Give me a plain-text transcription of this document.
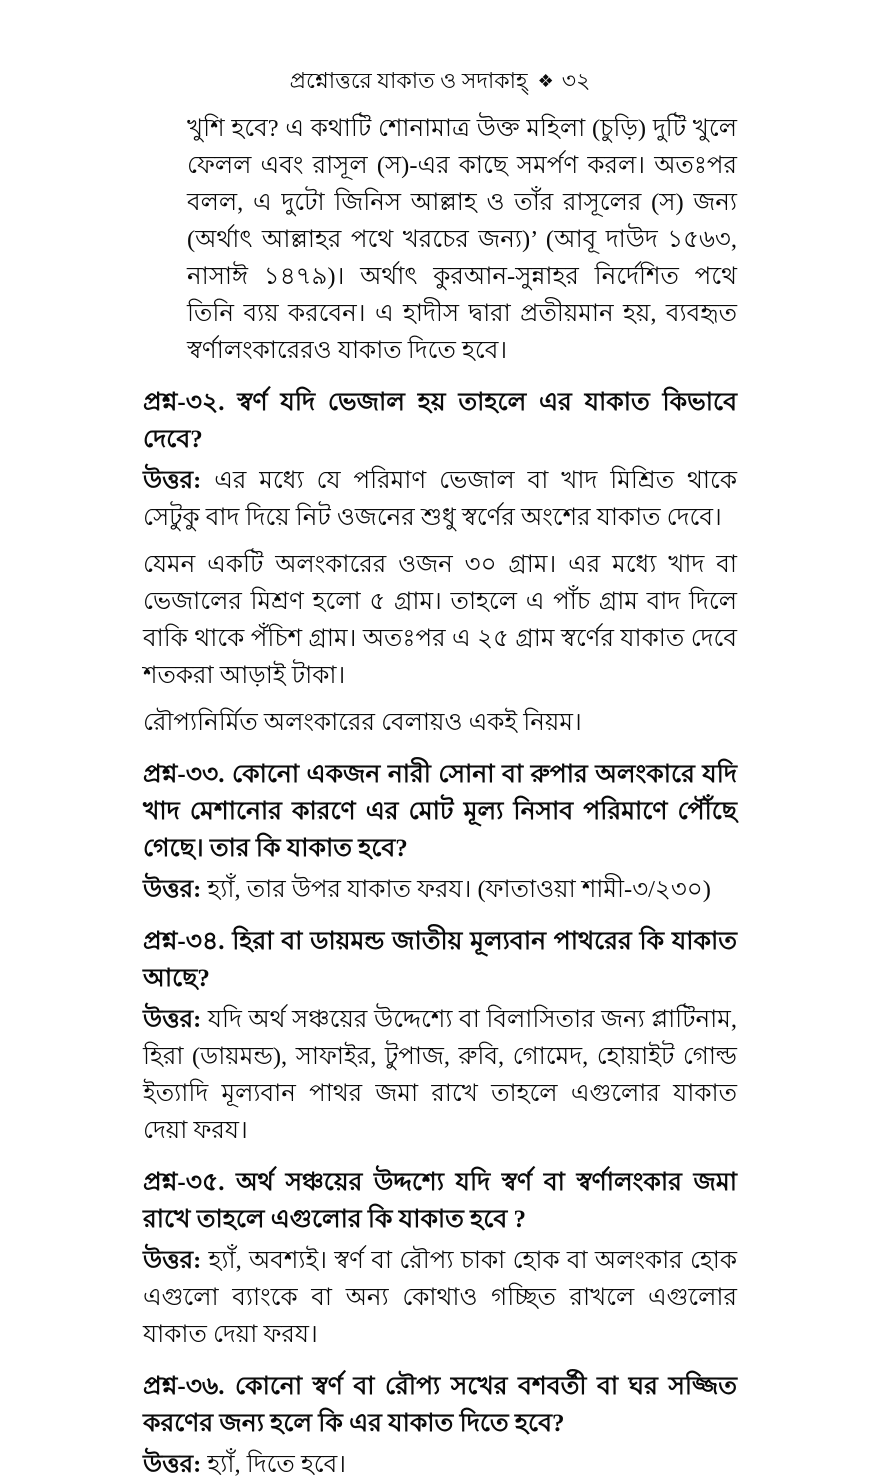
প্রশ্নোত্তরে যাকাত ও সদাকাহ্ ❖ ৩২

খুশি হবে? এ কথাটি শোনামাত্র উক্ত মহিলা (চুড়ি) দুটি খুলে ফেলল এবং রাসূল (স)-এর কাছে সমর্পণ করল। অতঃপর বলল, এ দুটো জিনিস আল্লাহ ও তাঁর রাসূলের (স) জন্য (অর্থাৎ আল্লাহর পথে খরচের জন্য)’ (আবূ দাউদ ১৫৬৩, নাসাঈ ১৪৭৯)। অর্থাৎ কুরআন-সুন্নাহর নির্দেশিত পথে তিনি ব্যয় করবেন। এ হাদীস দ্বারা প্রতীয়মান হয়, ব্যবহৃত স্বর্ণালংকারেরও যাকাত দিতে হবে।

প্রশ্ন-৩২. স্বর্ণ যদি ভেজাল হয় তাহলে এর যাকাত কিভাবে দেবে?

উত্তর: এর মধ্যে যে পরিমাণ ভেজাল বা খাদ মিশ্রিত থাকে সেটুকু বাদ দিয়ে নিট ওজনের শুধু স্বর্ণের অংশের যাকাত দেবে।

যেমন একটি অলংকারের ওজন ৩০ গ্রাম। এর মধ্যে খাদ বা ভেজালের মিশ্রণ হলো ৫ গ্রাম। তাহলে এ পাঁচ গ্রাম বাদ দিলে বাকি থাকে পঁচিশ গ্রাম। অতঃপর এ ২৫ গ্রাম স্বর্ণের যাকাত দেবে শতকরা আড়াই টাকা।

রৌপ্যনির্মিত অলংকারের বেলায়ও একই নিয়ম।

প্রশ্ন-৩৩. কোনো একজন নারী সোনা বা রুপার অলংকারে যদি খাদ মেশানোর কারণে এর মোট মূল্য নিসাব পরিমাণে পৌঁছে গেছে। তার কি যাকাত হবে?

উত্তর: হ্যাঁ, তার উপর যাকাত ফরয। (ফাতাওয়া শামী-৩/২৩০)

প্রশ্ন-৩৪. হিরা বা ডায়মন্ড জাতীয় মূল্যবান পাথরের কি যাকাত আছে?

উত্তর: যদি অর্থ সঞ্চয়ের উদ্দেশ্যে বা বিলাসিতার জন্য প্লাটিনাম, হিরা (ডায়মন্ড), সাফাইর, টুপাজ, রুবি, গোমেদ, হোয়াইট গোল্ড ইত্যাদি মূল্যবান পাথর জমা রাখে তাহলে এগুলোর যাকাত দেয়া ফরয।

প্রশ্ন-৩৫. অর্থ সঞ্চয়ের উদ্দশ্যে যদি স্বর্ণ বা স্বর্ণালংকার জমা রাখে তাহলে এগুলোর কি যাকাত হবে ?

উত্তর: হ্যাঁ, অবশ্যই। স্বর্ণ বা রৌপ্য চাকা হোক বা অলংকার হোক এগুলো ব্যাংকে বা অন্য কোথাও গচ্ছিত রাখলে এগুলোর যাকাত দেয়া ফরয।

প্রশ্ন-৩৬. কোনো স্বর্ণ বা রৌপ্য সখের বশবর্তী বা ঘর সজ্জিত করণের জন্য হলে কি এর যাকাত দিতে হবে?

উত্তর: হ্যাঁ, দিতে হবে।
